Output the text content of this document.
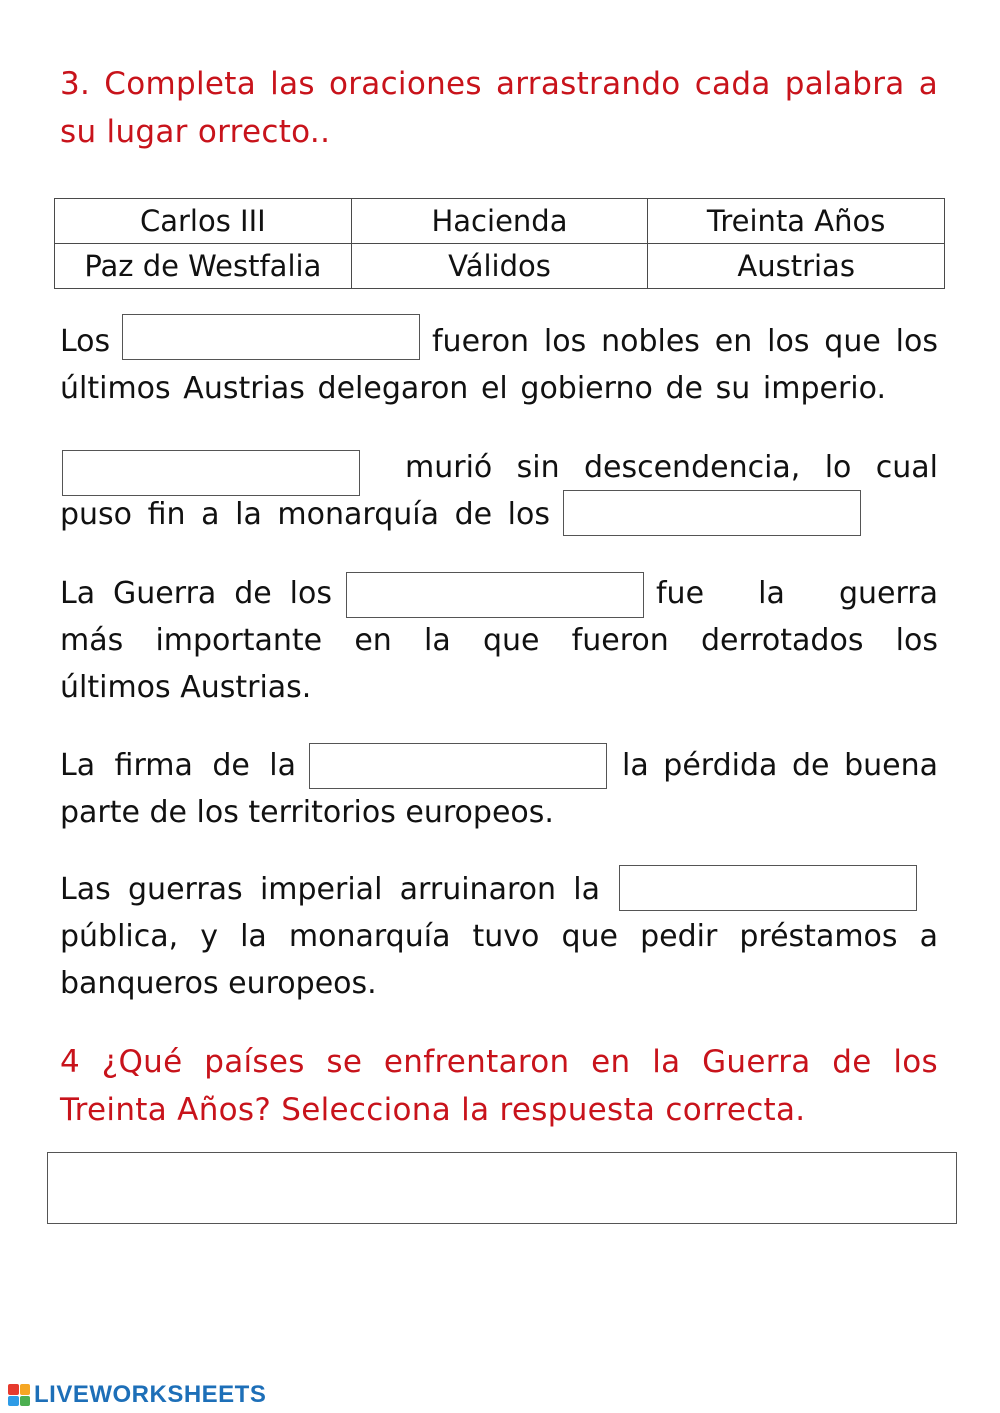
3. Completa las oraciones arrastrando cada palabra a
su lugar orrecto..
Carlos III	Hacienda	Treinta Años
Paz de Westfalia	Válidos	Austrias
Los	fueron los nobles en los que los
últimos Austrias delegaron el gobierno de su imperio.
murió sin descendencia, lo cual
puso fin a la monarquía de los
La Guerra de los	fue la guerra
más importante en la que fueron derrotados los
últimos Austrias.
La firma de la	la pérdida de buena
parte de los territorios europeos.
Las guerras imperial arruinaron la
pública, y la monarquía tuvo que pedir préstamos a
banqueros europeos.
4 ¿Qué países se enfrentaron en la Guerra de los
Treinta Años? Selecciona la respuesta correcta.
LIVEWORKSHEETS
